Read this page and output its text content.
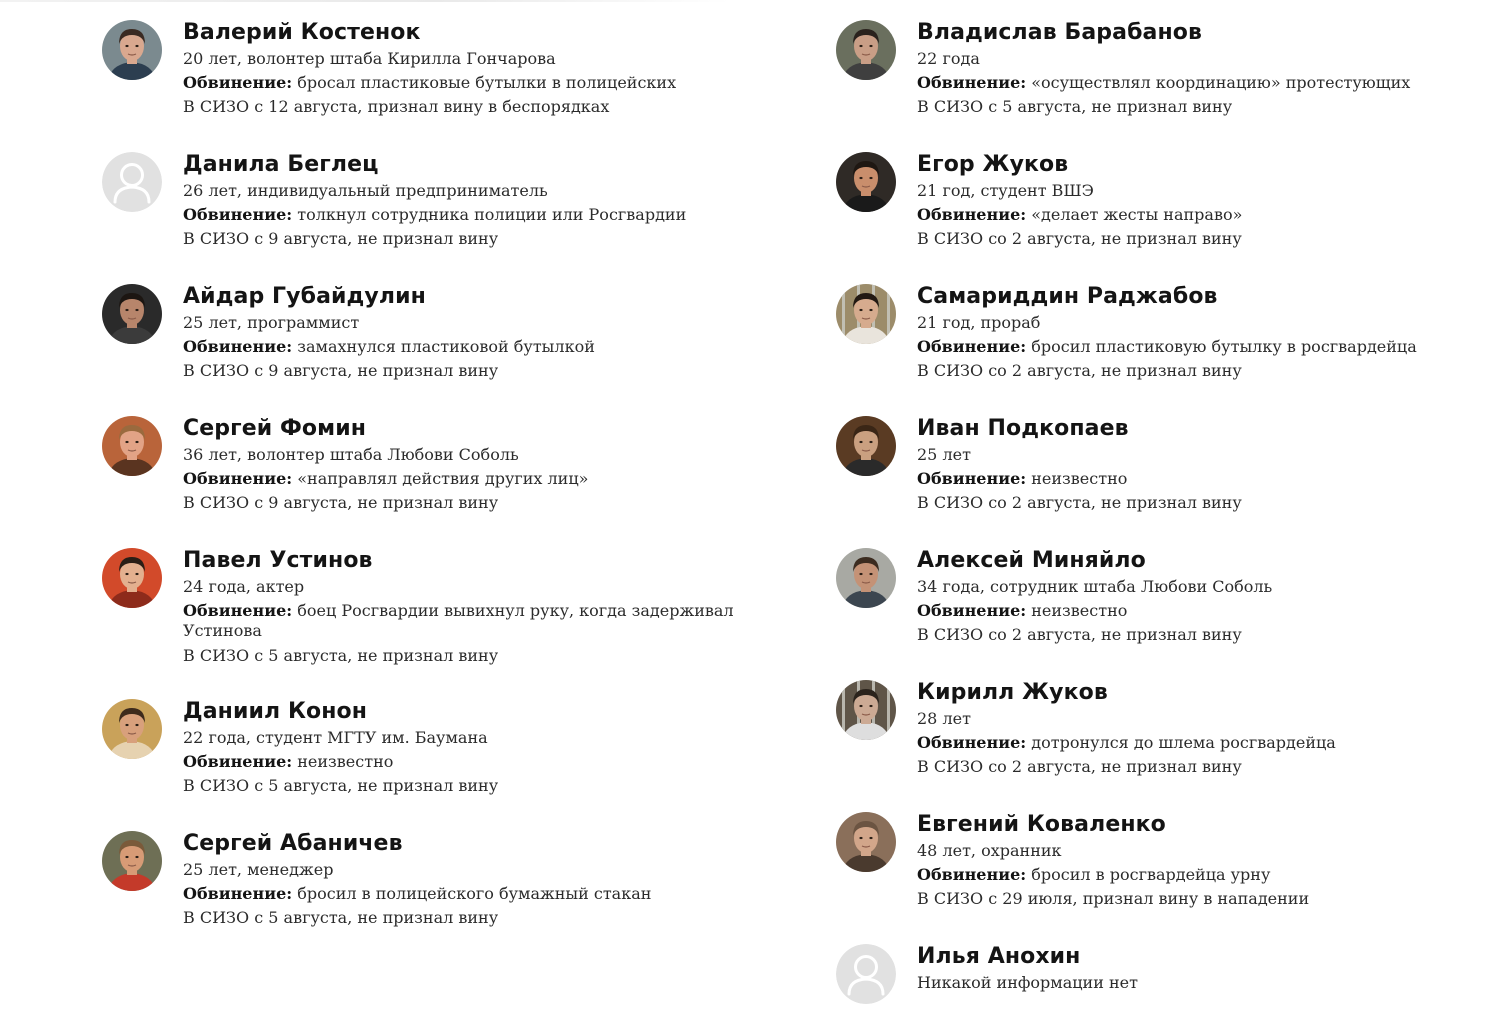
Валерий Костенок
20 лет, волонтер штаба Кирилла Гончарова
Обвинение: бросал пластиковые бутылки в полицейских
В СИЗО с 12 августа, признал вину в беспорядках
Данила Беглец
26 лет, индивидуальный предприниматель
Обвинение: толкнул сотрудника полиции или Росгвардии
В СИЗО с 9 августа, не признал вину
Айдар Губайдулин
25 лет, программист
Обвинение: замахнулся пластиковой бутылкой
В СИЗО с 9 августа, не признал вину
Сергей Фомин
36 лет, волонтер штаба Любови Соболь
Обвинение: «направлял действия других лиц»
В СИЗО с 9 августа, не признал вину
Павел Устинов
24 года, актер
Обвинение: боец Росгвардии вывихнул руку, когда задерживал Устинова
В СИЗО с 5 августа, не признал вину
Даниил Конон
22 года, студент МГТУ им. Баумана
Обвинение: неизвестно
В СИЗО с 5 августа, не признал вину
Сергей Абаничев
25 лет, менеджер
Обвинение: бросил в полицейского бумажный стакан
В СИЗО с 5 августа, не признал вину
Владислав Барабанов
22 года
Обвинение: «осуществлял координацию» протестующих
В СИЗО с 5 августа, не признал вину
Егор Жуков
21 год, студент ВШЭ
Обвинение: «делает жесты направо»
В СИЗО со 2 августа, не признал вину
Самариддин Раджабов
21 год, прораб
Обвинение: бросил пластиковую бутылку в росгвардейца
В СИЗО со 2 августа, не признал вину
Иван Подкопаев
25 лет
Обвинение: неизвестно
В СИЗО со 2 августа, не признал вину
Алексей Миняйло
34 года, сотрудник штаба Любови Соболь
Обвинение: неизвестно
В СИЗО со 2 августа, не признал вину
Кирилл Жуков
28 лет
Обвинение: дотронулся до шлема росгвардейца
В СИЗО со 2 августа, не признал вину
Евгений Коваленко
48 лет, охранник
Обвинение: бросил в росгвардейца урну
В СИЗО с 29 июля, признал вину в нападении
Илья Анохин
Никакой информации нет
